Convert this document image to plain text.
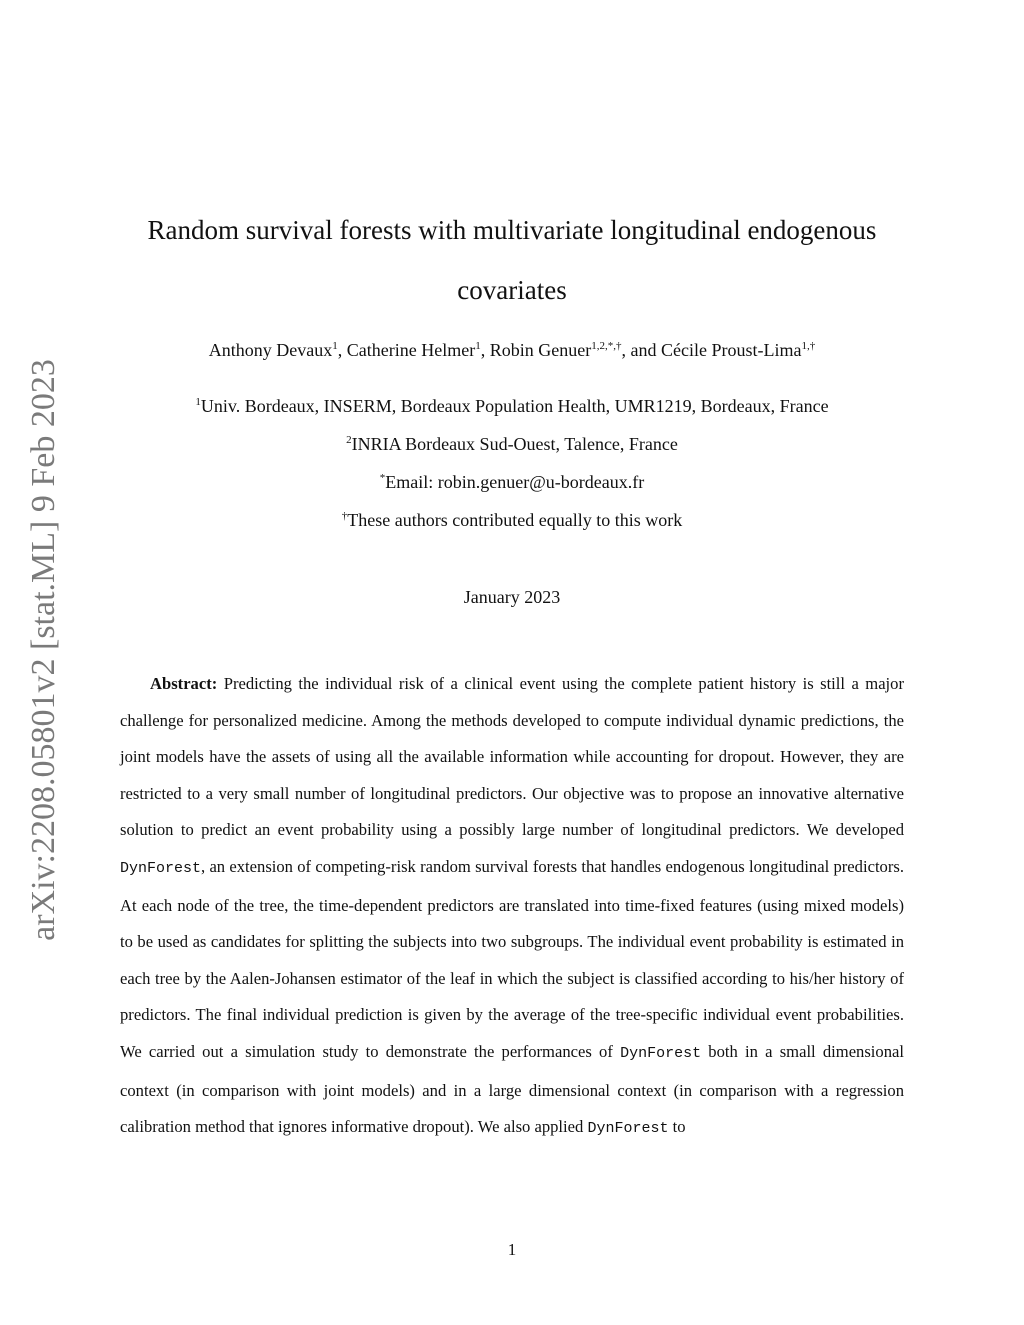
arXiv:2208.05801v2 [stat.ML] 9 Feb 2023
Random survival forests with multivariate longitudinal endogenous covariates
Anthony Devaux$^1$, Catherine Helmer$^1$, Robin Genuer$^{1,2,*,\dagger}$, and Cécile Proust-Lima$^{1,\dagger}$
$^1$Univ. Bordeaux, INSERM, Bordeaux Population Health, UMR1219, Bordeaux, France
$^2$INRIA Bordeaux Sud-Ouest, Talence, France
*Email: robin.genuer@u-bordeaux.fr
†These authors contributed equally to this work
January 2023

Abstract: Predicting the individual risk of a clinical event using the complete patient history is still a major challenge for personalized medicine. Among the methods developed to compute individual dynamic predictions, the joint models have the assets of using all the available information while accounting for dropout. However, they are restricted to a very small number of longitudinal predictors. Our objective was to propose an innovative alternative solution to predict an event probability using a possibly large number of longitudinal predictors. We developed DynForest, an extension of competing-risk random survival forests that handles endogenous longitudinal predictors. At each node of the tree, the time-dependent predictors are translated into time-fixed features (using mixed models) to be used as candidates for splitting the subjects into two subgroups. The individual event probability is estimated in each tree by the Aalen-Johansen estimator of the leaf in which the subject is classified according to his/her history of predictors. The final individual prediction is given by the average of the tree-specific individual event probabilities. We carried out a simulation study to demonstrate the performances of DynForest both in a small dimensional context (in comparison with joint models) and in a large dimensional context (in comparison with a regression calibration method that ignores informative dropout). We also applied DynForest to

1
